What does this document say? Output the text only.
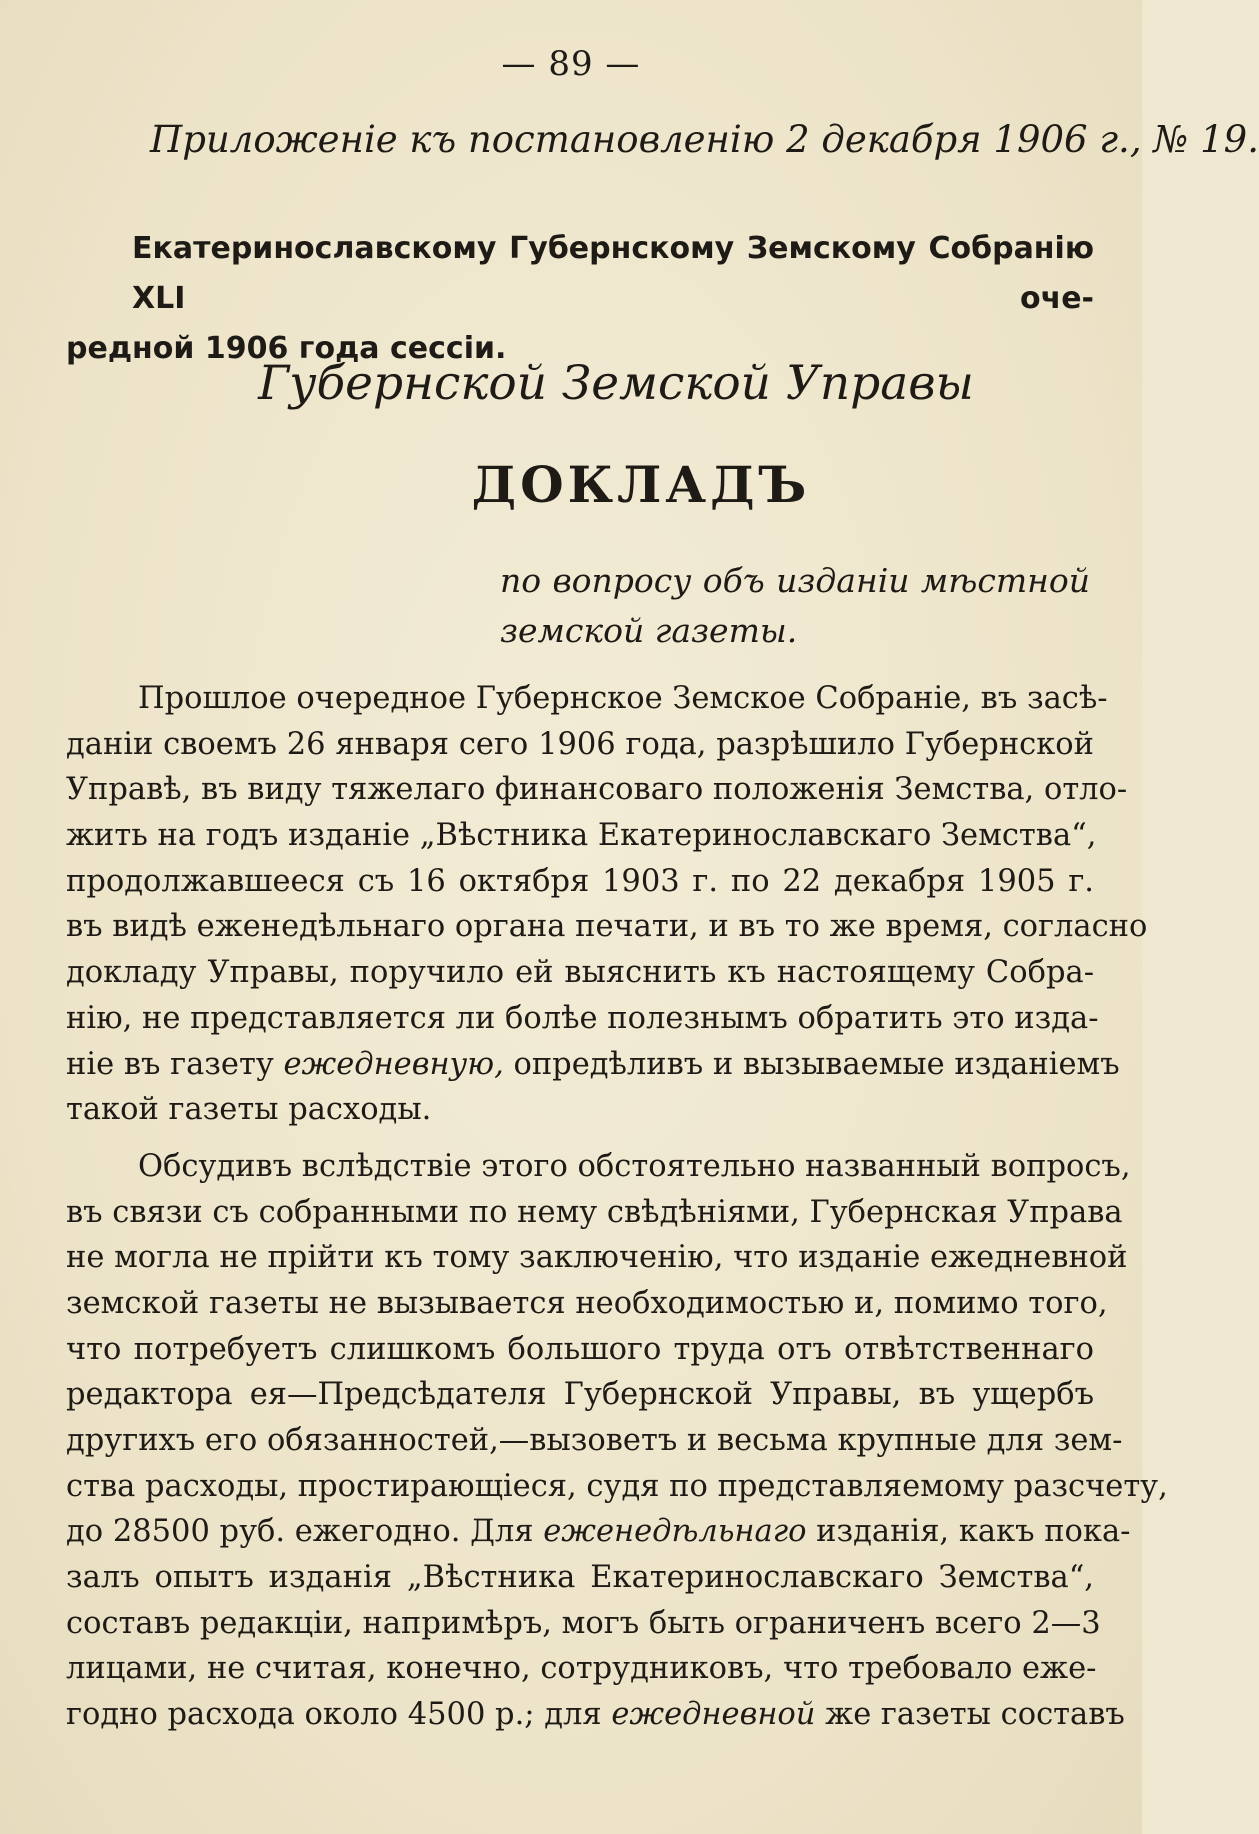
— 89 —
Приложеніе къ постановленію 2 декабря 1906 г., № 19.
Екатеринославскому Губернскому Земскому Собранію XLI оче-
редной 1906 года сессіи.
Губернской Земской Управы
ДОКЛАДЪ
по вопросу объ изданіи мѣстной
земской газеты.
Прошлое очередное Губернское Земское Собраніе, въ засѣ-
даніи своемъ 26 января сего 1906 года, разрѣшило Губернской
Управѣ, въ виду тяжелаго финансоваго положенія Земства, отло-
жить на годъ изданіе „Вѣстника Екатеринославскаго Земства“,
продолжавшееся съ 16 октября 1903 г. по 22 декабря 1905 г.
въ видѣ еженедѣльнаго органа печати, и въ то же время, согласно
докладу Управы, поручило ей выяснить къ настоящему Собра-
нію, не представляется ли болѣе полезнымъ обратить это изда-
ніе въ газету ежедневную, опредѣливъ и вызываемые изданіемъ
такой газеты расходы.
Обсудивъ вслѣдствіе этого обстоятельно названный вопросъ,
въ связи съ собранными по нему свѣдѣніями, Губернская Управа
не могла не прійти къ тому заключенію, что изданіе ежедневной
земской газеты не вызывается необходимостью и, помимо того,
что потребуетъ слишкомъ большого труда отъ отвѣтственнаго
редактора ея—Предсѣдателя Губернской Управы, въ ущербъ
другихъ его обязанностей,—вызоветъ и весьма крупные для зем-
ства расходы, простирающіеся, судя по представляемому разсчету,
до 28500 руб. ежегодно. Для еженедѣльнаго изданія, какъ пока-
залъ опытъ изданія „Вѣстника Екатеринославскаго Земства“,
составъ редакціи, напримѣръ, могъ быть ограниченъ всего 2—3
лицами, не считая, конечно, сотрудниковъ, что требовало еже-
годно расхода около 4500 р.; для ежедневной же газеты составъ
